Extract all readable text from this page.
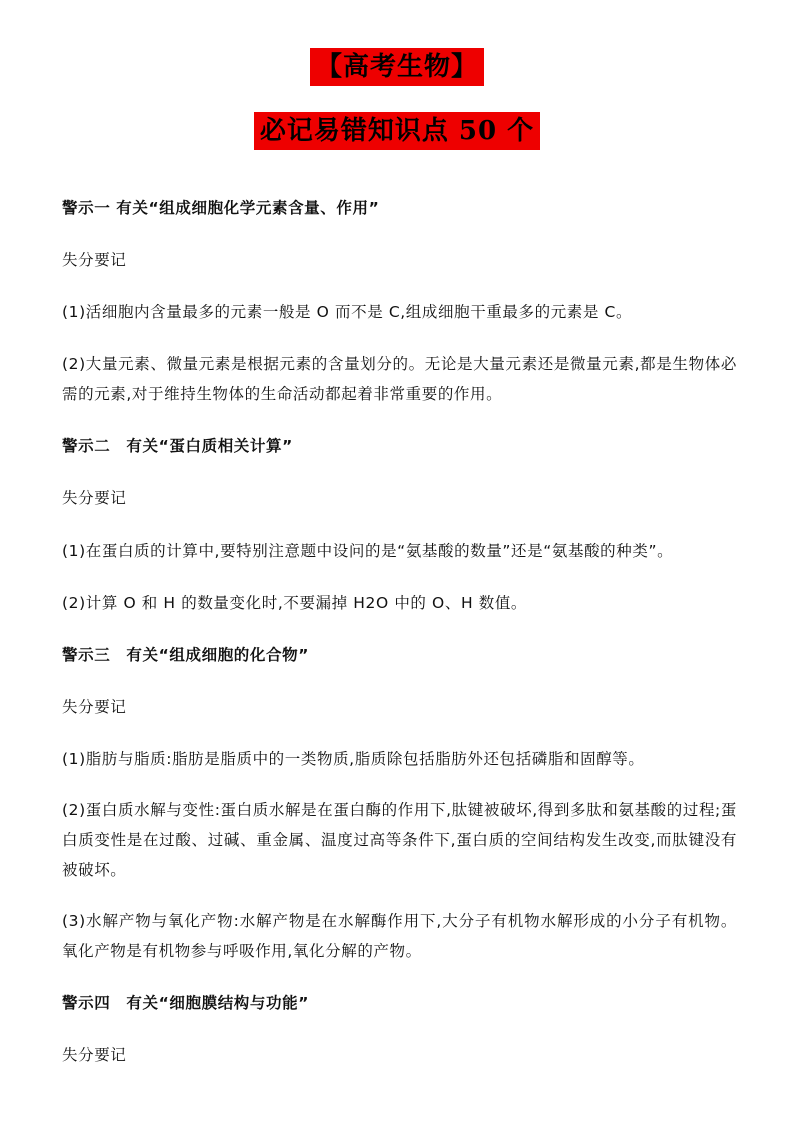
【高考生物】
必记易错知识点 50 个
警示一 有关“组成细胞化学元素含量、作用”
失分要记
(1)活细胞内含量最多的元素一般是 O 而不是 C,组成细胞干重最多的元素是 C。
(2)大量元素、微量元素是根据元素的含量划分的。无论是大量元素还是微量元素,都是生物体必需的元素,对于维持生物体的生命活动都起着非常重要的作用。
警示二　有关“蛋白质相关计算”
失分要记
(1)在蛋白质的计算中,要特别注意题中设问的是“氨基酸的数量”还是“氨基酸的种类”。
(2)计算 O 和 H 的数量变化时,不要漏掉 H2O 中的 O、H 数值。
警示三　有关“组成细胞的化合物”
失分要记
(1)脂肪与脂质:脂肪是脂质中的一类物质,脂质除包括脂肪外还包括磷脂和固醇等。
(2)蛋白质水解与变性:蛋白质水解是在蛋白酶的作用下,肽键被破坏,得到多肽和氨基酸的过程;蛋白质变性是在过酸、过碱、重金属、温度过高等条件下,蛋白质的空间结构发生改变,而肽键没有被破坏。
(3)水解产物与氧化产物:水解产物是在水解酶作用下,大分子有机物水解形成的小分子有机物。氧化产物是有机物参与呼吸作用,氧化分解的产物。
警示四　有关“细胞膜结构与功能”
失分要记
